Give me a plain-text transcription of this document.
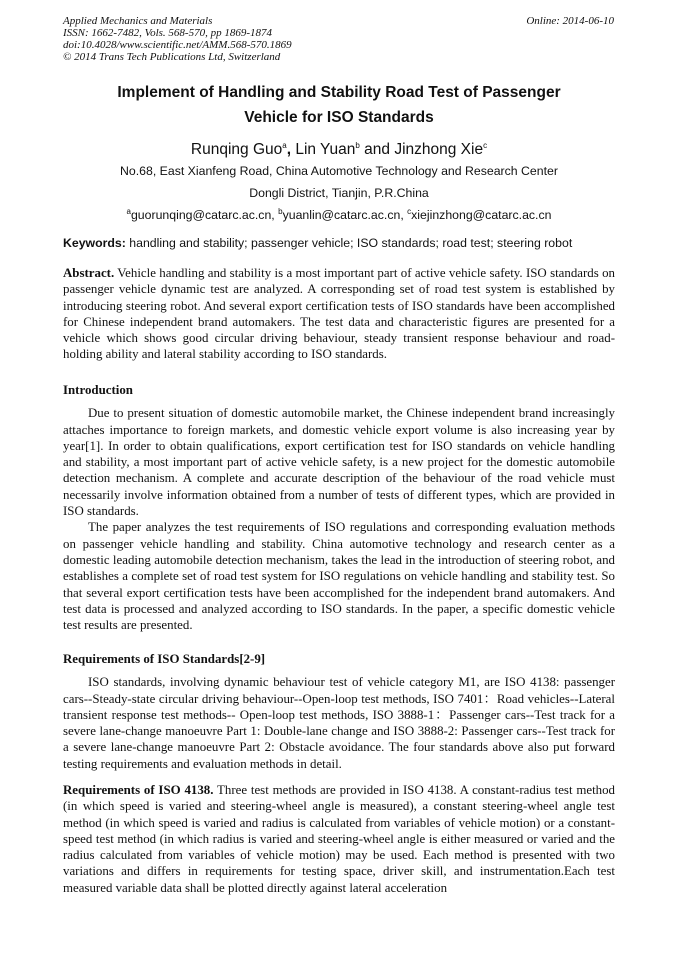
Applied Mechanics and Materials
ISSN: 1662-7482, Vols. 568-570, pp 1869-1874
doi:10.4028/www.scientific.net/AMM.568-570.1869
© 2014 Trans Tech Publications Ltd, Switzerland
Online: 2014-06-10
Implement of Handling and Stability Road Test of Passenger Vehicle for ISO Standards
Runqing Guo$^a$, Lin Yuan$^b$ and Jinzhong Xie$^c$
No.68, East Xianfeng Road, China Automotive Technology and Research Center
Dongli District, Tianjin, P.R.China
$^a$guorunqing@catarc.ac.cn, $^b$yuanlin@catarc.ac.cn, $^c$xiejinzhong@catarc.ac.cn
Keywords: handling and stability; passenger vehicle; ISO standards; road test; steering robot

Abstract. Vehicle handling and stability is a most important part of active vehicle safety. ISO standards on passenger vehicle dynamic test are analyzed. A corresponding set of road test system is established by introducing steering robot. And several export certification tests of ISO standards have been accomplished for Chinese independent brand automakers. The test data and characteristic figures are presented for a vehicle which shows good circular driving behaviour, steady transient response behaviour and road-holding ability and lateral stability according to ISO standards.

Introduction

Due to present situation of domestic automobile market, the Chinese independent brand increasingly attaches importance to foreign markets, and domestic vehicle export volume is also increasing year by year[1]. In order to obtain qualifications, export certification test for ISO standards on vehicle handling and stability, a most important part of active vehicle safety, is a new project for the domestic automobile detection mechanism. A complete and accurate description of the behaviour of the road vehicle must necessarily involve information obtained from a number of tests of different types, which are provided in ISO standards.

The paper analyzes the test requirements of ISO regulations and corresponding evaluation methods on passenger vehicle handling and stability. China automotive technology and research center as a domestic leading automobile detection mechanism, takes the lead in the introduction of steering robot, and establishes a complete set of road test system for ISO regulations on vehicle handling and stability test. So that several export certification tests have been accomplished for the independent brand automakers. And test data is processed and analyzed according to ISO standards. In the paper, a specific domestic vehicle test results are presented.

Requirements of ISO Standards[2-9]

ISO standards, involving dynamic behaviour test of vehicle category M1, are ISO 4138: passenger cars--Steady-state circular driving behaviour--Open-loop test methods, ISO 7401：Road vehicles--Lateral transient response test methods-- Open-loop test methods, ISO 3888-1：Passenger cars--Test track for a severe lane-change manoeuvre Part 1: Double-lane change and ISO 3888-2: Passenger cars--Test track for a severe lane-change manoeuvre Part 2: Obstacle avoidance. The four standards above also put forward testing requirements and evaluation methods in detail.

Requirements of ISO 4138. Three test methods are provided in ISO 4138. A constant-radius test method (in which speed is varied and steering-wheel angle is measured), a constant steering-wheel angle test method (in which speed is varied and radius is calculated from variables of vehicle motion) or a constant-speed test method (in which radius is varied and steering-wheel angle is either measured or varied and the radius calculated from variables of vehicle motion) may be used. Each method is presented with two variations and differs in requirements for testing space, driver skill, and instrumentation.Each test measured variable data shall be plotted directly against lateral acceleration
